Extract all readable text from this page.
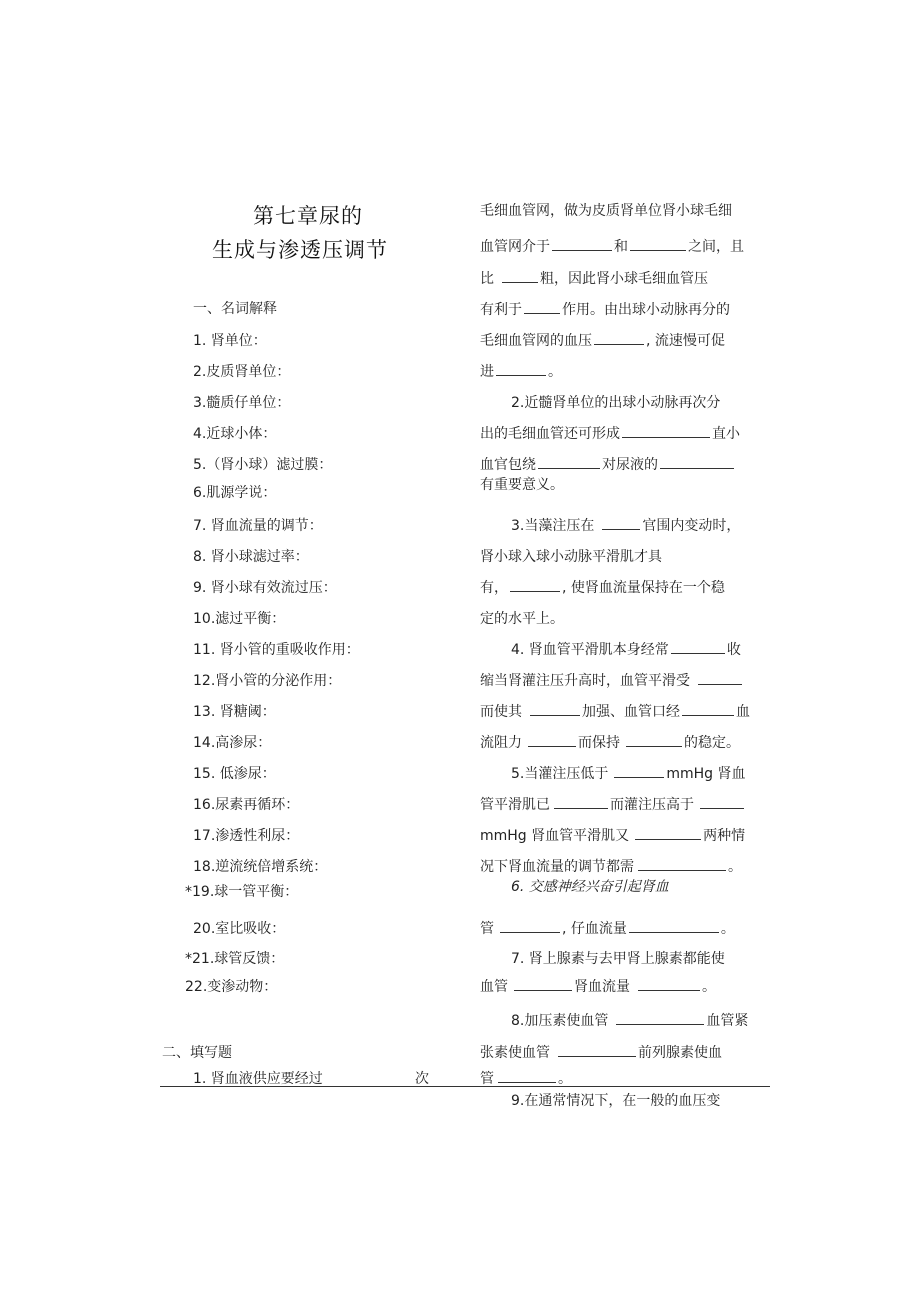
第七章尿的
生成与渗透压调节
一、名词解释
1. 肾单位：
2.皮质肾单位：
3.髓质仔单位：
4.近球小体：
5.（肾小球）滤过膜：
6.肌源学说：
7. 肾血流量的调节：
8. 肾小球滤过率：
9. 肾小球有效流过压：
10.滤过平衡：
11. 肾小管的重吸收作用：
12.肾小管的分泌作用：
13. 肾糖阈：
14.高渗尿：
15. 低渗尿：
16.尿素再循环：
17.渗透性利尿：
18.逆流统倍增系统：
*19.球一管平衡：
20.室比吸收：
*21.球管反馈：
22.变渗动物：
二、填写题
1. 肾血液供应要经过	次
毛细血管网，做为皮质肾单位肾小球毛细
血管网介于	和	之间，且
比	粗，因此肾小球毛细血管压
有利于	作用。由出球小动脉再分的
毛细血管网的血压	, 流速慢可促
进	。
2.近髓肾单位的出球小动脉再次分
出的毛细血管还可形成	直小
血官包绕	对尿液的
有重要意义。
3.当藻注压在	官围内变动时，
肾小球入球小动脉平滑肌才具
有，	, 使肾血流量保持在一个稳
定的水平上。
4. 肾血管平滑肌本身经常	收
缩当肾灌注压升高时，血管平滑受
而使其	加强、血管口经	血
流阻力	而保持	的稳定。
5.当灌注压低于	mmHg 肾血
管平滑肌已	而灌注压高于
mmHg 肾血管平滑肌又	两种情
况下肾血流量的调节都需	。
6. 交感神经兴奋引起肾血
管	, 仔血流量	。
7. 肾上腺素与去甲肾上腺素都能使
血管	肾血流量	。
8.加压素使血管	血管紧
张素使血管	前列腺素使血
管	。
9.在通常情况下，在一般的血压变
